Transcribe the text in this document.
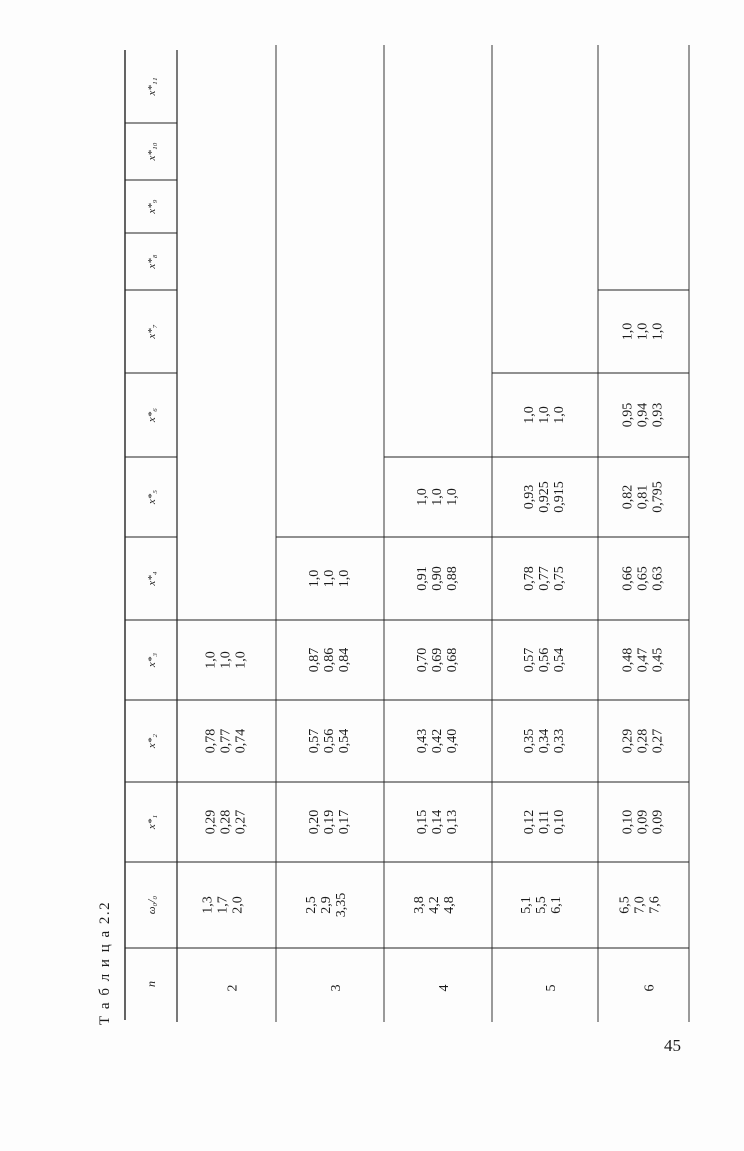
n
ω₀/₀
x*₁
x*₂
x*₃
x*₄
x*₅
x*₆
x*₇
x*₈
x*₉
x*₁₀
x*₁₁
2
1,3 1,7 2,0
0,29 0,28 0,27
0,78 0,77 0,74
1,0 1,0 1,0
3
2,5 2,9 3,35
0,20 0,19 0,17
0,57 0,56 0,54
0,87 0,86 0,84
1,0 1,0 1,0
4
3,8 4,2 4,8
0,15 0,14 0,13
0,43 0,42 0,40
0,70 0,69 0,68
0,91 0,90 0,88
1,0 1,0 1,0
5
5,1 5,5 6,1
0,12 0,11 0,10
0,35 0,34 0,33
0,57 0,56 0,54
0,78 0,77 0,75
0,93 0,925 0,915
1,0 1,0 1,0
6
6,5 7,0 7,6
0,10 0,09 0,09
0,29 0,28 0,27
0,48 0,47 0,45
0,66 0,65 0,63
0,82 0,81 0,795
0,95 0,94 0,93
1,0 1,0 1,0
Т а б л и ц а 2.2
45
